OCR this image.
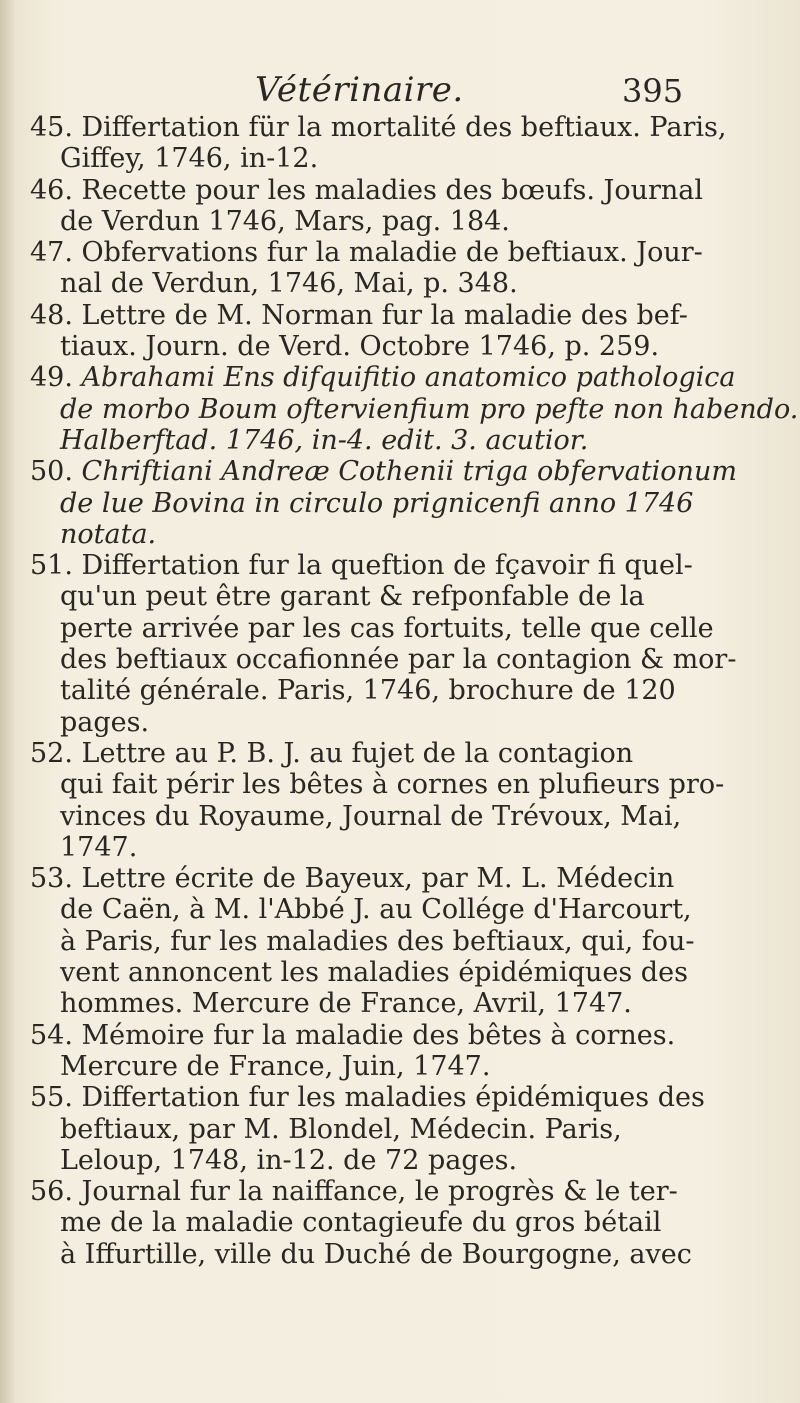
Vétérinaire.	395
45. Differtation für la mortalité des beftiaux. Paris,
Giffey, 1746, in-12.
46. Recette pour les maladies des bœufs. Journal
de Verdun 1746, Mars, pag. 184.
47. Obfervations fur la maladie de beftiaux. Jour-
nal de Verdun, 1746, Mai, p. 348.
48. Lettre de M. Norman fur la maladie des bef-
tiaux. Journ. de Verd. Octobre 1746, p. 259.
49. Abrahami Ens difquifitio anatomico pathologica
de morbo Boum oftervienfium pro pefte non habendo.
Halberftad. 1746, in-4. edit. 3. acutior.
50. Chriftiani Andreæ Cothenii triga obfervationum
de lue Bovina in circulo prignicenfi anno 1746
notata.
51. Differtation fur la queftion de fçavoir fi quel-
qu'un peut être garant & refponfable de la
perte arrivée par les cas fortuits, telle que celle
des beftiaux occafionnée par la contagion & mor-
talité générale. Paris, 1746, brochure de 120
pages.
52. Lettre au P. B. J. au fujet de la contagion
qui fait périr les bêtes à cornes en plufieurs pro-
vinces du Royaume, Journal de Trévoux, Mai,
1747.
53. Lettre écrite de Bayeux, par M. L. Médecin
de Caën, à M. l'Abbé J. au Collége d'Harcourt,
à Paris, fur les maladies des beftiaux, qui, fou-
vent annoncent les maladies épidémiques des
hommes. Mercure de France, Avril, 1747.
54. Mémoire fur la maladie des bêtes à cornes.
Mercure de France, Juin, 1747.
55. Differtation fur les maladies épidémiques des
beftiaux, par M. Blondel, Médecin. Paris,
Leloup, 1748, in-12. de 72 pages.
56. Journal fur la naiffance, le progrès & le ter-
me de la maladie contagieufe du gros bétail
à Iffurtille, ville du Duché de Bourgogne, avec
